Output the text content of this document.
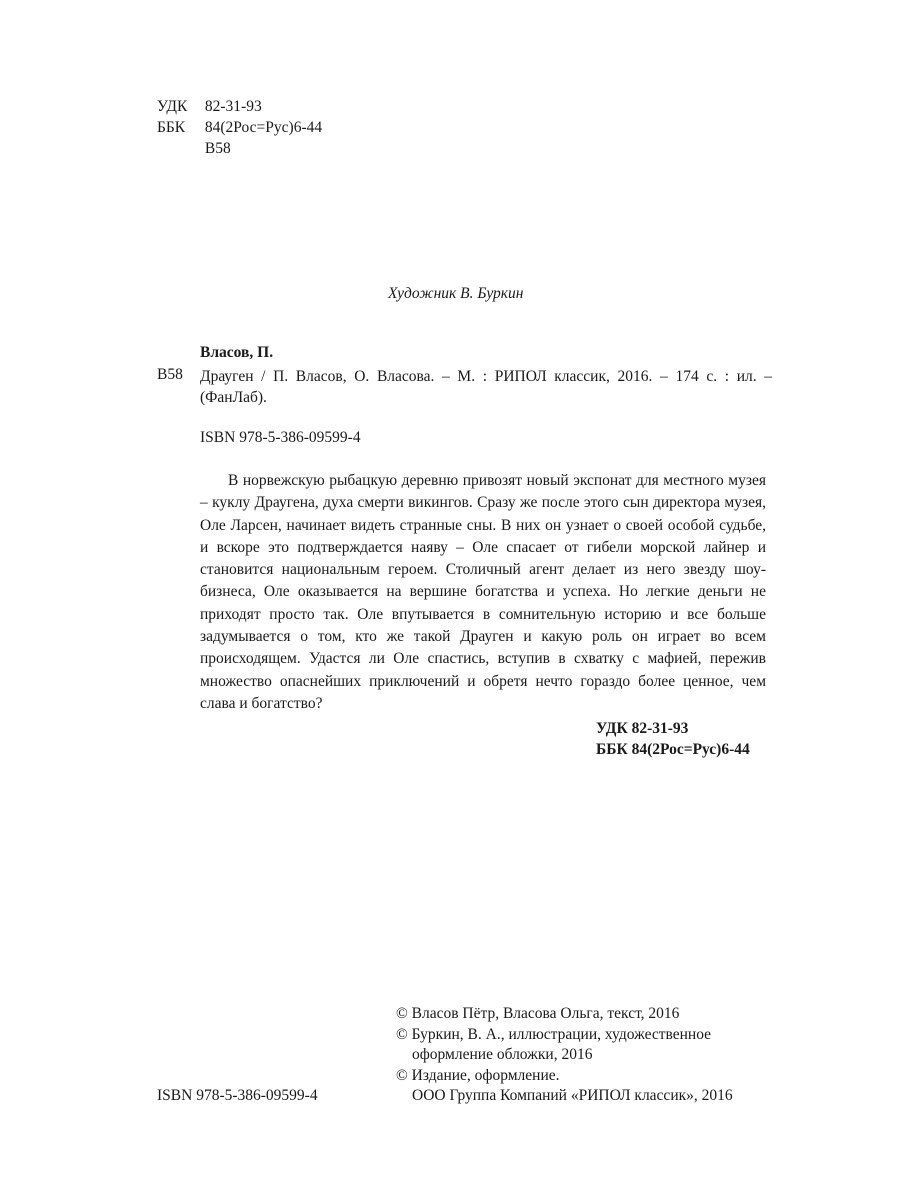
УДК 82-31-93
ББК 84(2Рос=Рус)6-44
В58
Художник В. Буркин
Власов, П.
В58 Драуген / П. Власов, О. Власова. – М. : РИПОЛ классик, 2016. – 174 с. : ил. – (ФанЛаб).
ISBN 978-5-386-09599-4

В норвежскую рыбацкую деревню привозят новый экспонат для местного музея – куклу Драугена, духа смерти викингов. Сразу же после этого сын директора музея, Оле Ларсен, начинает видеть странные сны. В них он узнает о своей особой судьбе, и вскоре это подтверждается наяву – Оле спасает от гибели морской лайнер и становится национальным героем. Столичный агент делает из него звезду шоу-бизнеса, Оле оказывается на вершине богатства и успеха. Но легкие деньги не приходят просто так. Оле впутывается в сомнительную историю и все больше задумывается о том, кто же такой Драуген и какую роль он играет во всем происходящем. Удастся ли Оле спастись, вступив в схватку с мафией, пережив множество опаснейших приключений и обретя нечто гораздо более ценное, чем слава и богатство?

УДК 82-31-93
ББК 84(2Рос=Рус)6-44
© Власов Пётр, Власова Ольга, текст, 2016
© Буркин, В. А., иллюстрации, художественное
оформление обложки, 2016
© Издание, оформление.
ООО Группа Компаний «РИПОЛ классик», 2016
ISBN 978-5-386-09599-4
